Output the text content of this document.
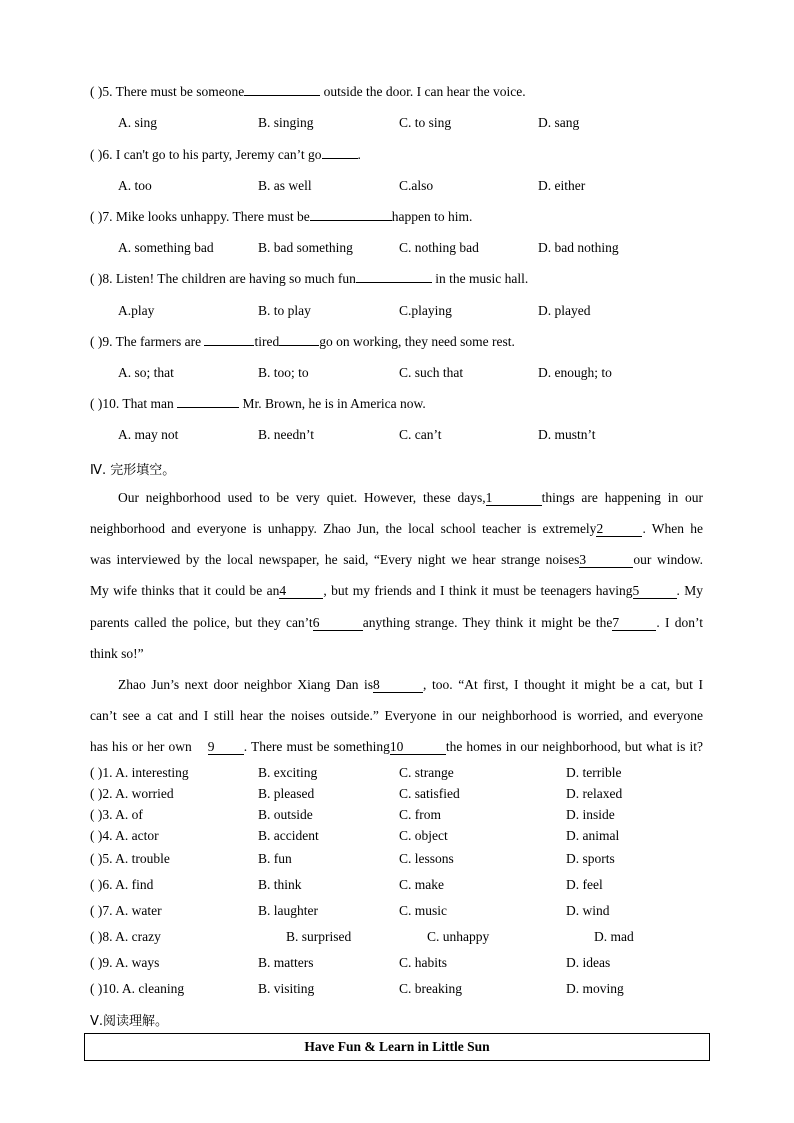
( )5. There must be someone	outside the door. I can hear the voice.
A. sing	B. singing	C. to sing	D. sang
( )6. I can't go to his party, Jeremy can’t go	.
A. too	B. as well	C.also	D. either
( )7. Mike looks unhappy. There must be	happen to him.
A. something bad	B. bad something	C. nothing bad	D. bad nothing
( )8. Listen! The children are having so much fun	in the music hall.
A.play	B. to play	C.playing	D. played
( )9. The farmers are	tired	go on working, they need some rest.
A. so; that	B. too; to	C. such that	D. enough; to
( )10. That man	Mr. Brown, he is in America now.
A. may not	B. needn’t	C. can’t	D. mustn’t
Ⅳ. 完形填空。
Our neighborhood used to be very quiet. However, these days,1	things are happening in our
neighborhood and everyone is unhappy. Zhao Jun, the local school teacher is extremely2	. When he
was interviewed by the local newspaper, he said, “Every night we hear strange noises3	our window.
My wife thinks that it could be an4	, but my friends and I think it must be teenagers having5	. My
parents called the police, but they can’t6	anything strange. They think it might be the7	. I don’t
think so!”
Zhao Jun’s next door neighbor Xiang Dan is8	, too. “At first, I thought it might be a cat, but I
can’t see a cat and I still hear the noises outside.” Everyone in our neighborhood is worried, and everyone
has his or her own 9 . There must be something10	the homes in our neighborhood, but what is it?
( )1. A. interesting	B. exciting	C. strange	D. terrible
( )2. A. worried	B. pleased	C. satisfied	D. relaxed
( )3. A. of	B. outside	C. from	D. inside
( )4. A. actor	B. accident	C. object	D. animal
( )5. A. trouble	B. fun	C. lessons	D. sports
( )6. A. find	B. think	C. make	D. feel
( )7. A. water	B. laughter	C. music	D. wind
( )8. A. crazy	B. surprised	C. unhappy	D. mad
( )9. A. ways	B. matters	C. habits	D. ideas
( )10. A. cleaning	B. visiting	C. breaking	D. moving
Ⅴ.阅读理解。
Have Fun & Learn in Little Sun
